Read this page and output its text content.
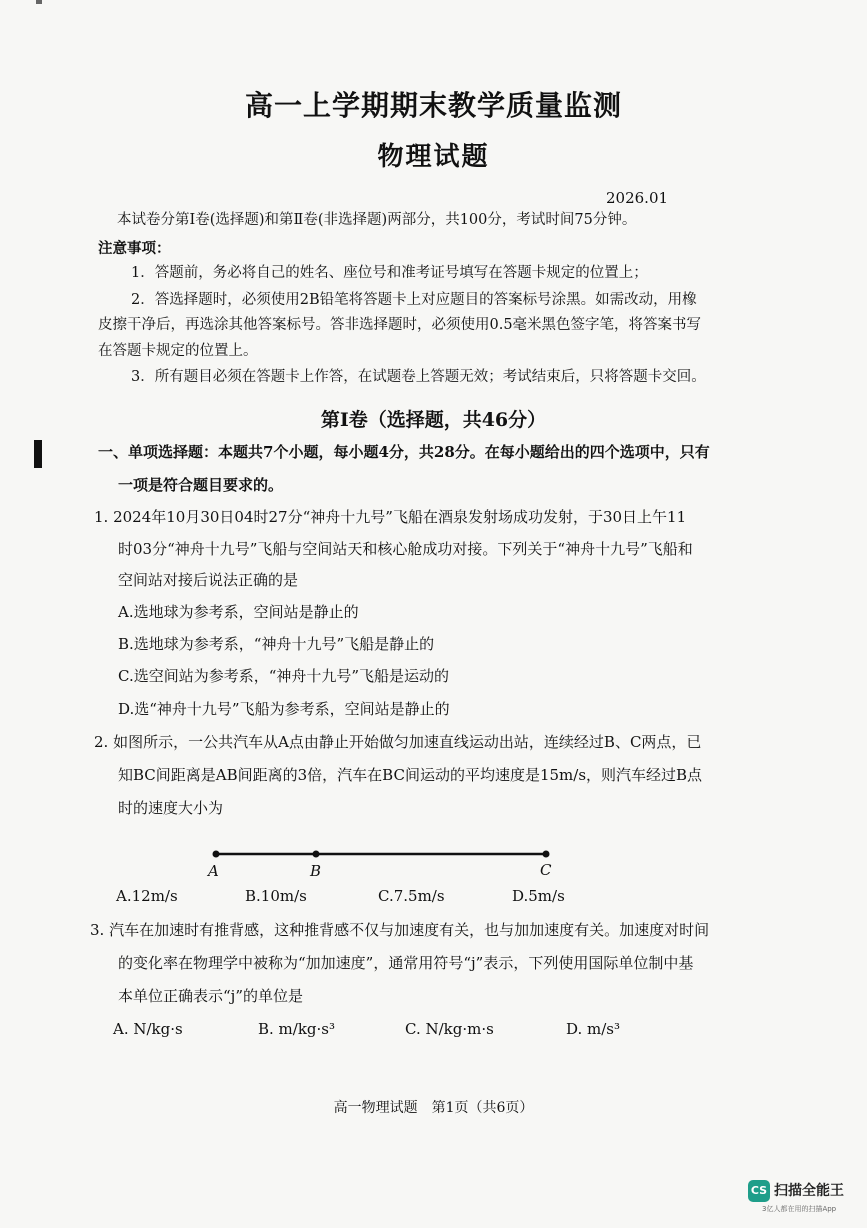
高一上学期期末教学质量监测
物理试题
2026.01
本试卷分第Ⅰ卷(选择题)和第Ⅱ卷(非选择题)两部分，共100分，考试时间75分钟。
注意事项：
1．答题前，务必将自己的姓名、座位号和准考证号填写在答题卡规定的位置上；
2．答选择题时，必须使用2B铅笔将答题卡上对应题目的答案标号涂黑。如需改动，用橡
皮擦干净后，再选涂其他答案标号。答非选择题时，必须使用0.5毫米黑色签字笔，将答案书写
在答题卡规定的位置上。
3．所有题目必须在答题卡上作答，在试题卷上答题无效；考试结束后，只将答题卡交回。
第Ⅰ卷（选择题，共46分）
一、单项选择题：本题共7个小题，每小题4分，共28分。在每小题给出的四个选项中，只有
一项是符合题目要求的。
1. 2024年10月30日04时27分“神舟十九号”飞船在酒泉发射场成功发射，于30日上午11
时03分“神舟十九号”飞船与空间站天和核心舱成功对接。下列关于“神舟十九号”飞船和
空间站对接后说法正确的是
A.选地球为参考系，空间站是静止的
B.选地球为参考系，“神舟十九号”飞船是静止的
C.选空间站为参考系，“神舟十九号”飞船是运动的
D.选“神舟十九号”飞船为参考系，空间站是静止的
2. 如图所示，一公共汽车从A点由静止开始做匀加速直线运动出站，连续经过B、C两点，已
知BC间距离是AB间距离的3倍，汽车在BC间运动的平均速度是15m/s，则汽车经过B点
时的速度大小为
A	B	C
A.12m/s	B.10m/s	C.7.5m/s	D.5m/s
3. 汽车在加速时有推背感，这种推背感不仅与加速度有关，也与加加速度有关。加速度对时间
的变化率在物理学中被称为“加加速度”，通常用符号“j”表示，下列使用国际单位制中基
本单位正确表示“j”的单位是
A. N/kg·s	B. m/kg·s³	C. N/kg·m·s	D. m/s³
高一物理试题　第1页（共6页）
CS 扫描全能王
3亿人都在用的扫描App
